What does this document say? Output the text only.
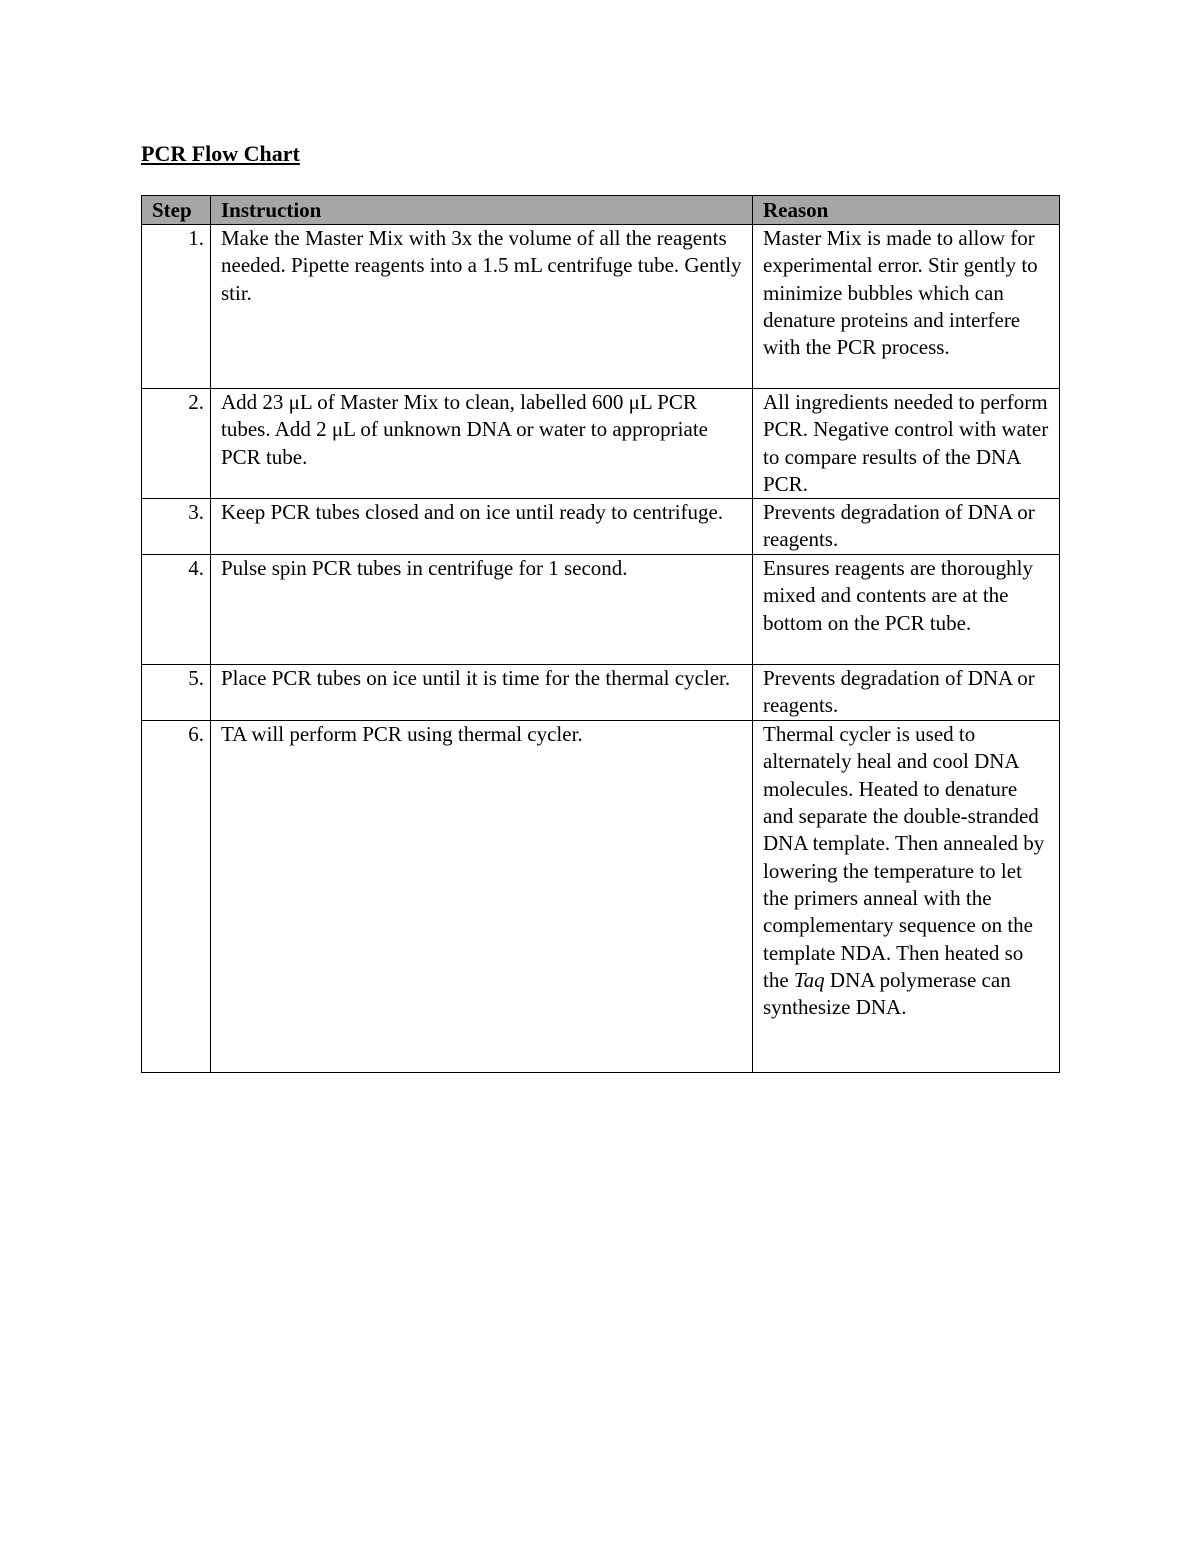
PCR Flow Chart
Step	Instruction	Reason
1.	Make the Master Mix with 3x the volume of all the reagents needed. Pipette reagents into a 1.5 mL centrifuge tube. Gently stir.	Master Mix is made to allow for experimental error. Stir gently to minimize bubbles which can denature proteins and interfere with the PCR process.
2.	Add 23 μL of Master Mix to clean, labelled 600 μL PCR tubes. Add 2 μL of unknown DNA or water to appropriate PCR tube.	All ingredients needed to perform PCR. Negative control with water to compare results of the DNA PCR.
3.	Keep PCR tubes closed and on ice until ready to centrifuge.	Prevents degradation of DNA or reagents.
4.	Pulse spin PCR tubes in centrifuge for 1 second.	Ensures reagents are thoroughly mixed and contents are at the bottom on the PCR tube.
5.	Place PCR tubes on ice until it is time for the thermal cycler.	Prevents degradation of DNA or reagents.
6.	TA will perform PCR using thermal cycler.	Thermal cycler is used to alternately heal and cool DNA molecules. Heated to denature and separate the double-stranded DNA template. Then annealed by lowering the temperature to let the primers anneal with the complementary sequence on the template NDA. Then heated so the Taq DNA polymerase can synthesize DNA.
